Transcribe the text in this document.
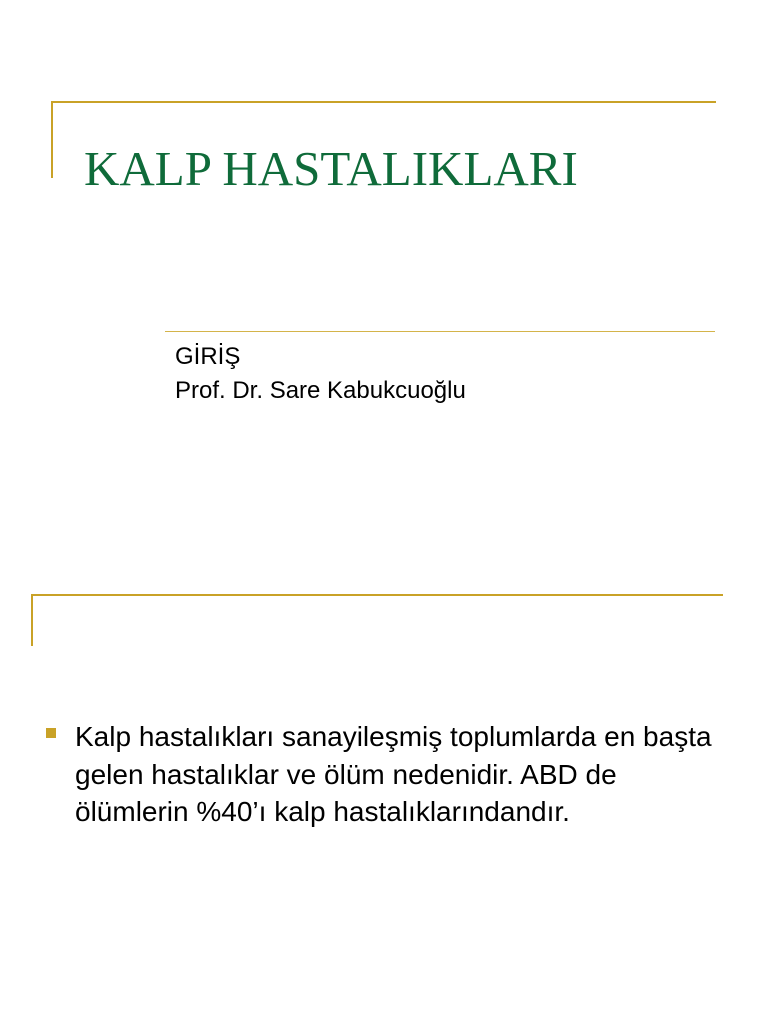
KALP HASTALIKLARI
GİRİŞ
Prof. Dr. Sare Kabukcuoğlu

Kalp hastalıkları sanayileşmiş toplumlarda en başta gelen hastalıklar ve ölüm nedenidir. ABD de ölümlerin %40’ı kalp hastalıklarındandır.
